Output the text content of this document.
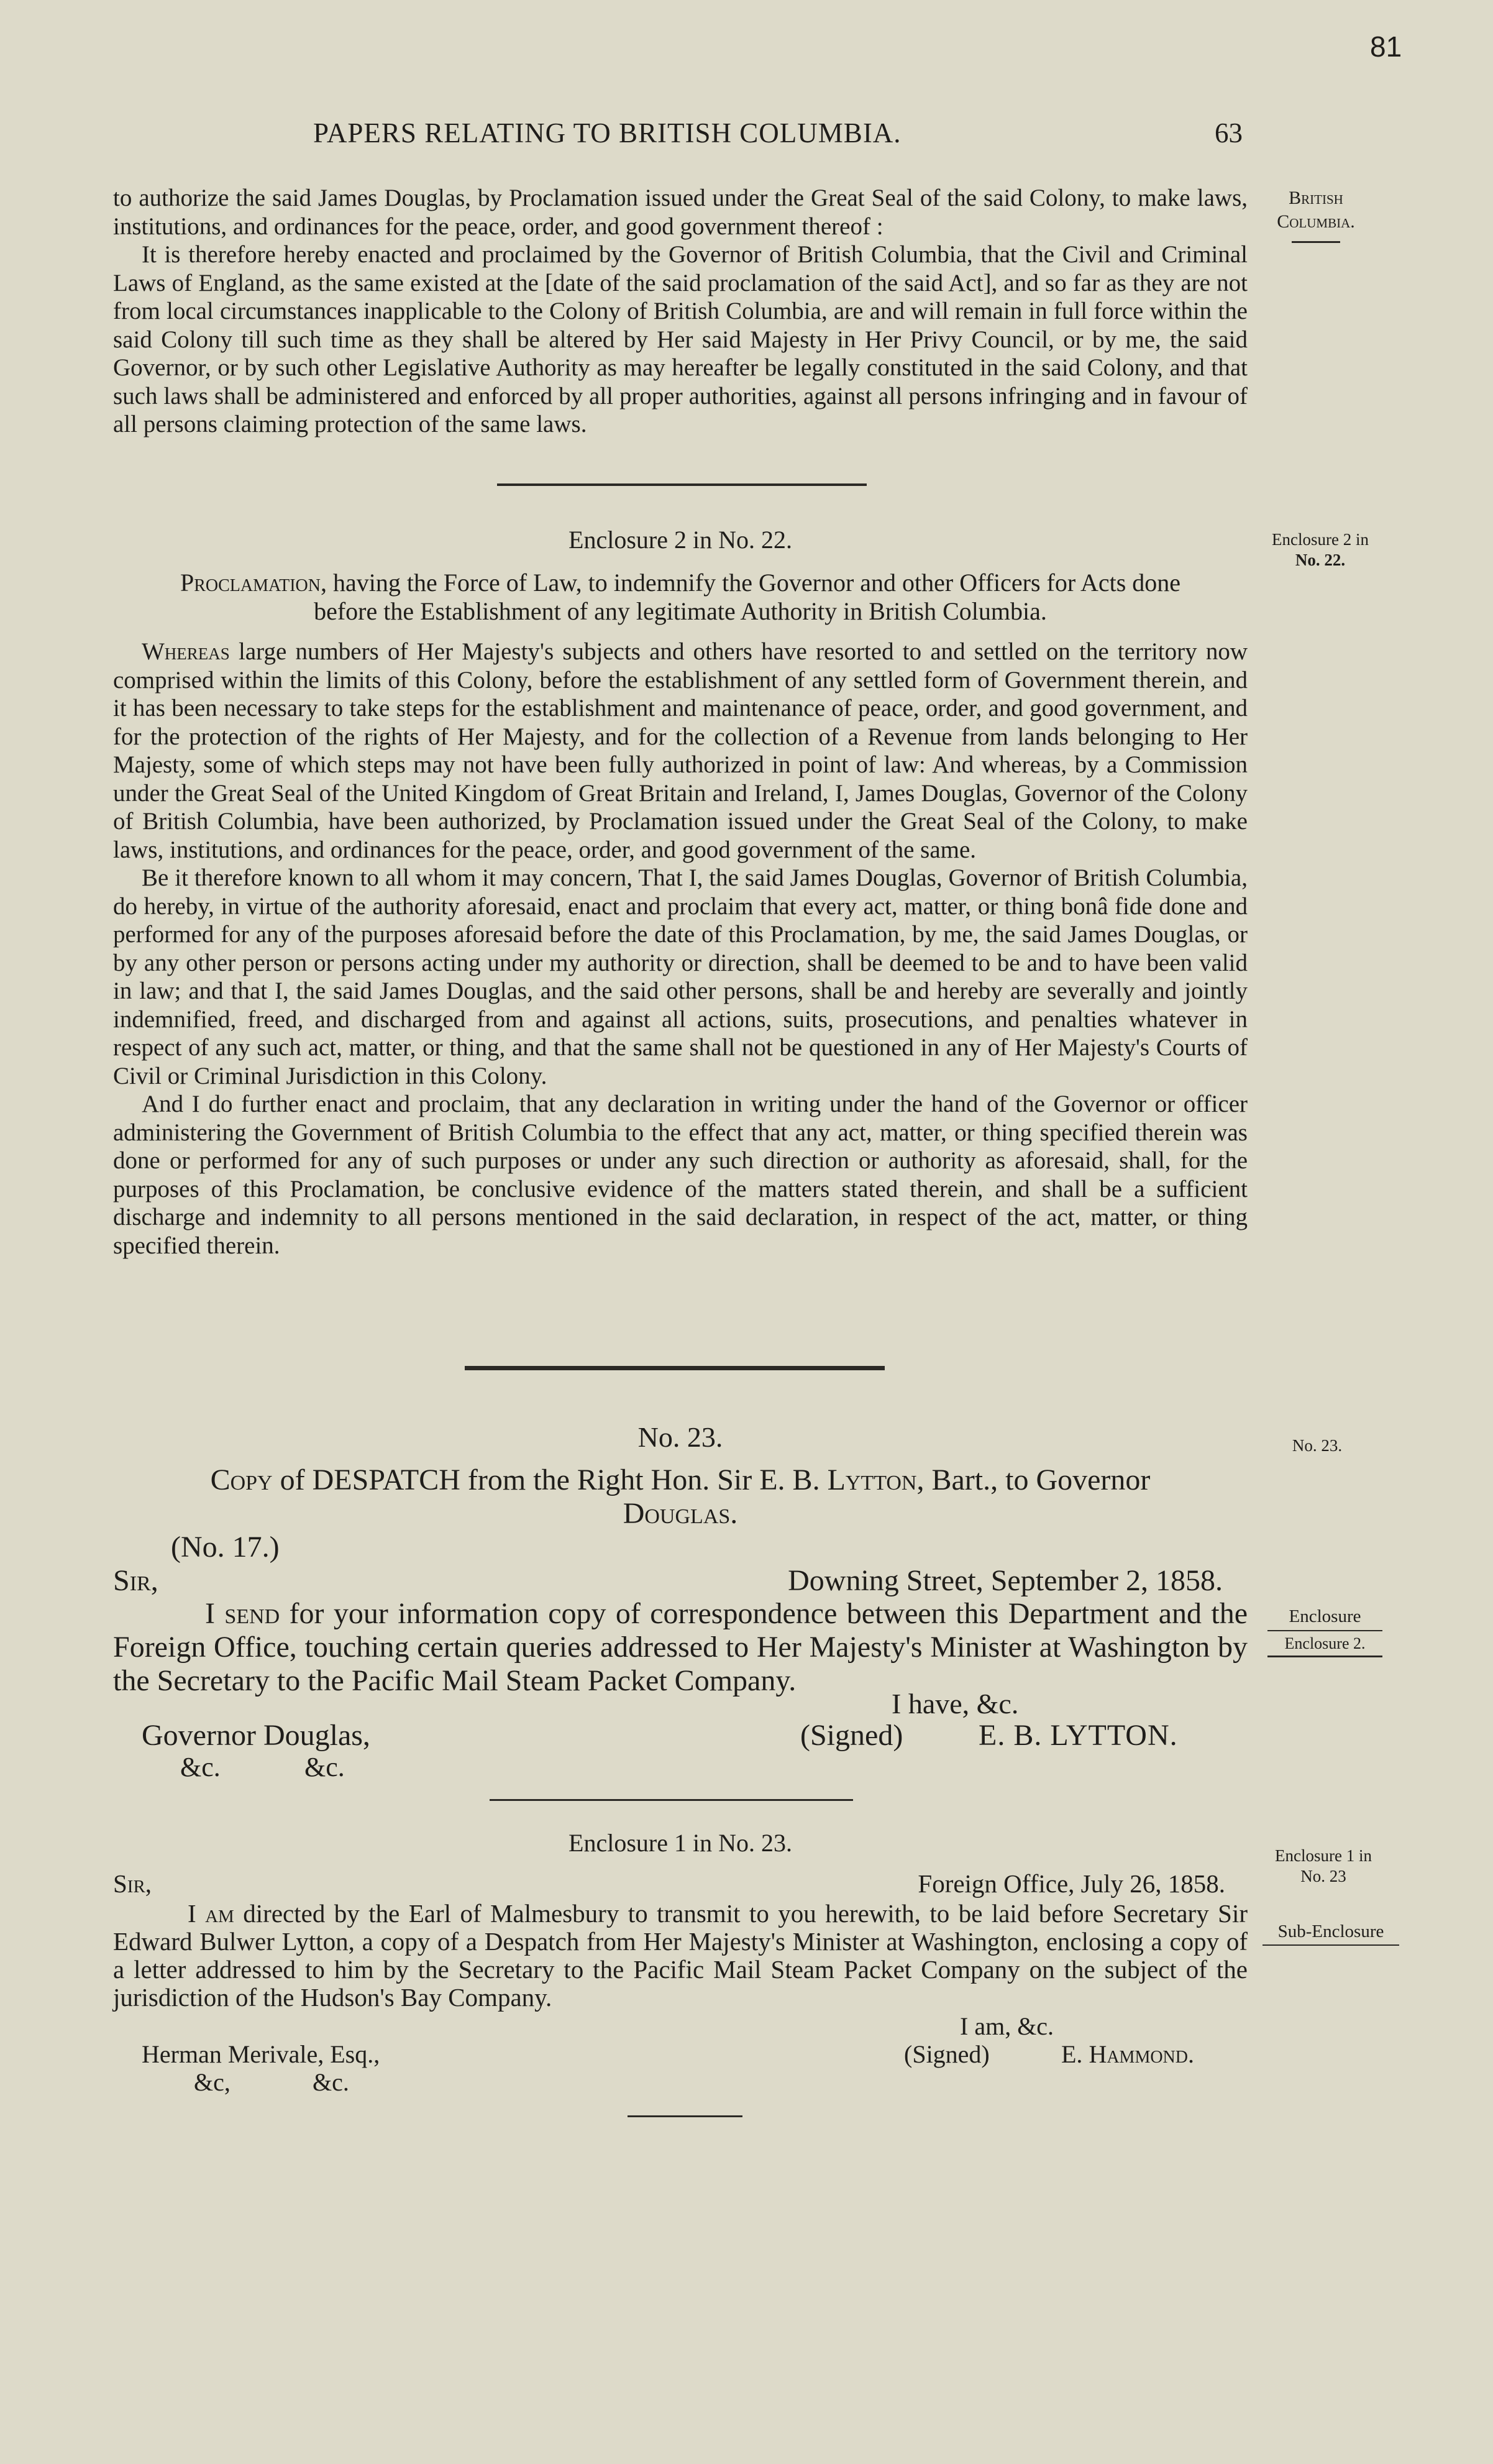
81
PAPERS RELATING TO BRITISH COLUMBIA.	63

to authorize the said James Douglas, by Proclamation issued under the Great Seal of the said Colony, to make laws, institutions, and ordinances for the peace, order, and good government thereof :

It is therefore hereby enacted and proclaimed by the Governor of British Columbia, that the Civil and Criminal Laws of England, as the same existed at the [date of the said proclamation of the said Act], and so far as they are not from local circumstances inapplicable to the Colony of British Columbia, are and will remain in full force within the said Colony till such time as they shall be altered by Her said Majesty in Her Privy Council, or by me, the said Governor, or by such other Legislative Authority as may hereafter be legally constituted in the said Colony, and that such laws shall be administered and enforced by all proper authorities, against all persons infringing and in favour of all persons claiming protection of the same laws.

British
Columbia.
Enclosure 2 in No. 22.	Enclosure 2 in
No. 22.
Proclamation, having the Force of Law, to indemnify the Governor and other Officers for Acts done
before the Establishment of any legitimate Authority in British Columbia.

Whereas large numbers of Her Majesty's subjects and others have resorted to and settled on the territory now comprised within the limits of this Colony, before the establishment of any settled form of Government therein, and it has been necessary to take steps for the establishment and maintenance of peace, order, and good government, and for the protection of the rights of Her Majesty, and for the collection of a Revenue from lands belonging to Her Majesty, some of which steps may not have been fully authorized in point of law: And whereas, by a Commission under the Great Seal of the United Kingdom of Great Britain and Ireland, I, James Douglas, Governor of the Colony of British Columbia, have been authorized, by Proclamation issued under the Great Seal of the Colony, to make laws, institutions, and ordinances for the peace, order, and good government of the same.

Be it therefore known to all whom it may concern, That I, the said James Douglas, Governor of British Columbia, do hereby, in virtue of the authority aforesaid, enact and proclaim that every act, matter, or thing bonâ fide done and performed for any of the purposes aforesaid before the date of this Proclamation, by me, the said James Douglas, or by any other person or persons acting under my authority or direction, shall be deemed to be and to have been valid in law; and that I, the said James Douglas, and the said other persons, shall be and hereby are severally and jointly indemnified, freed, and discharged from and against all actions, suits, prosecutions, and penalties whatever in respect of any such act, matter, or thing, and that the same shall not be questioned in any of Her Majesty's Courts of Civil or Criminal Jurisdiction in this Colony.

And I do further enact and proclaim, that any declaration in writing under the hand of the Governor or officer administering the Government of British Columbia to the effect that any act, matter, or thing specified therein was done or performed for any of such purposes or under any such direction or authority as aforesaid, shall, for the purposes of this Proclamation, be conclusive evidence of the matters stated therein, and shall be a sufficient discharge and indemnity to all persons mentioned in the said declaration, in respect of the act, matter, or thing specified therein.

No. 23.	No. 23.
Copy of DESPATCH from the Right Hon. Sir E. B. Lytton, Bart., to Governor
Douglas.
(No. 17.)
Sir,	Downing Street, September 2, 1858.
I send for your information copy of correspondence between this Department and the Foreign Office, touching certain queries addressed to Her Majesty's Minister at Washington by the Secretary to the Pacific Mail Steam Packet Company.
Enclosure
Enclosure 2.
I have, &c.
Governor Douglas,	(Signed)	E. B. LYTTON.
&c.	&c.
Enclosure 1 in No. 23.	Enclosure 1 in
No. 23
Sir,	Foreign Office, July 26, 1858.
I am directed by the Earl of Malmesbury to transmit to you herewith, to be laid before Secretary Sir Edward Bulwer Lytton, a copy of a Despatch from Her Majesty's Minister at Washington, enclosing a copy of a letter addressed to him by the Secretary to the Pacific Mail Steam Packet Company on the subject of the jurisdiction of the Hudson's Bay Company.
Sub-Enclosure
I am, &c.
Herman Merivale, Esq.,	(Signed)	E. Hammond.
&c,	&c.
